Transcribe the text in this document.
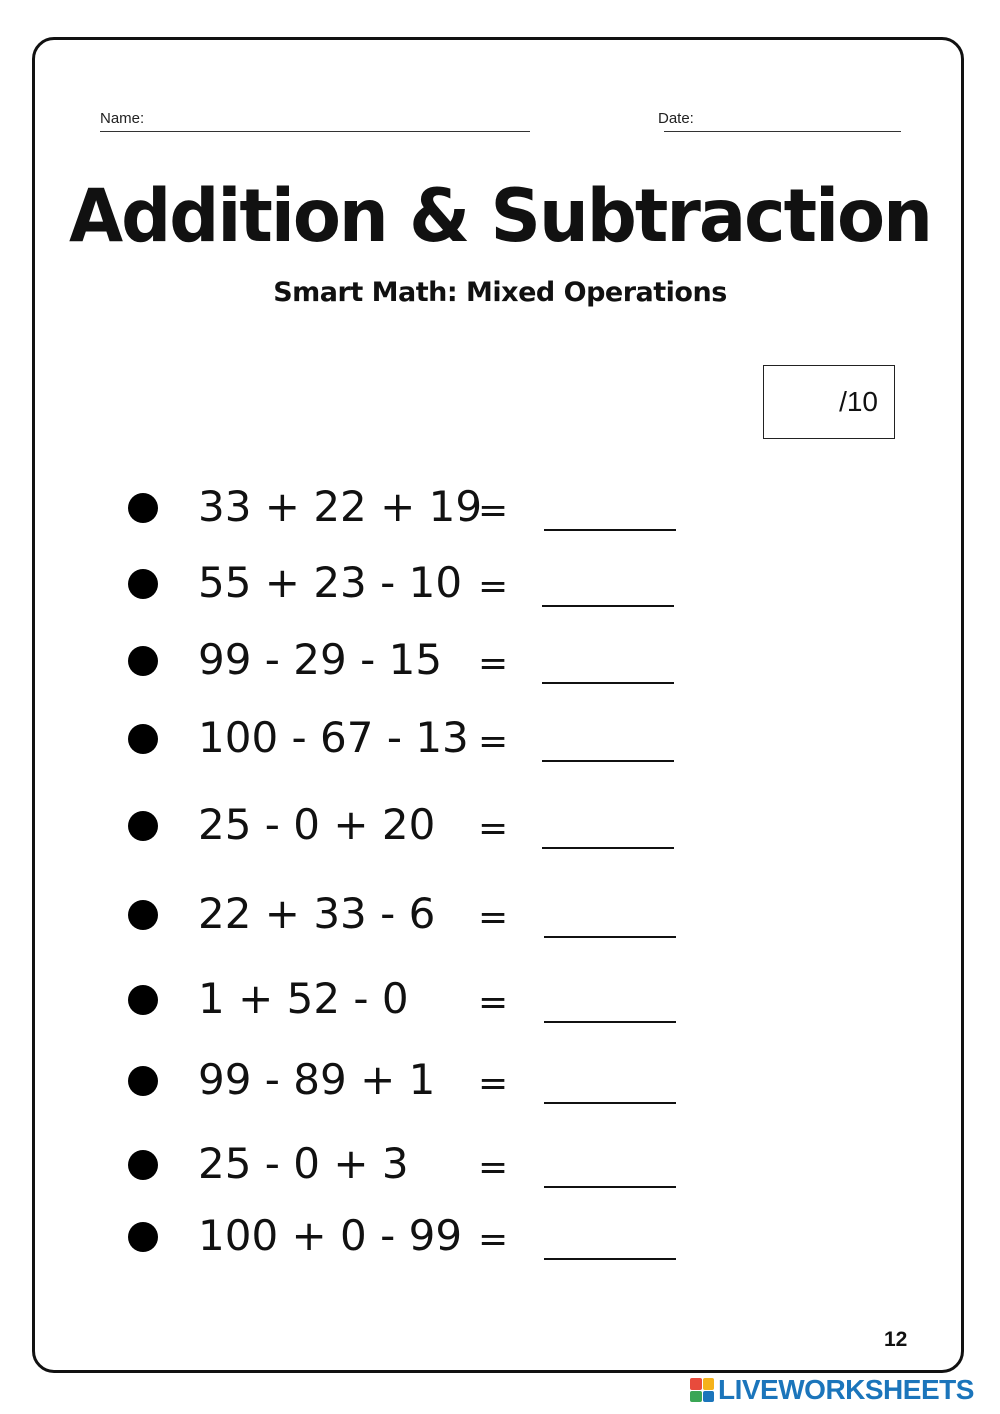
Name:	Date:
Addition & Subtraction
Smart Math: Mixed Operations
/10
33 + 22 + 19
=
55 + 23 - 10 =
99 - 29 - 15 =
100 - 67 - 13 =
25 - 0 + 20 =
22 + 33 - 6 =
1 + 52 - 0 =
99 - 89 + 1 =
25 - 0 + 3 =
100 + 0 - 99 =
12
LIVEWORKSHEETS
